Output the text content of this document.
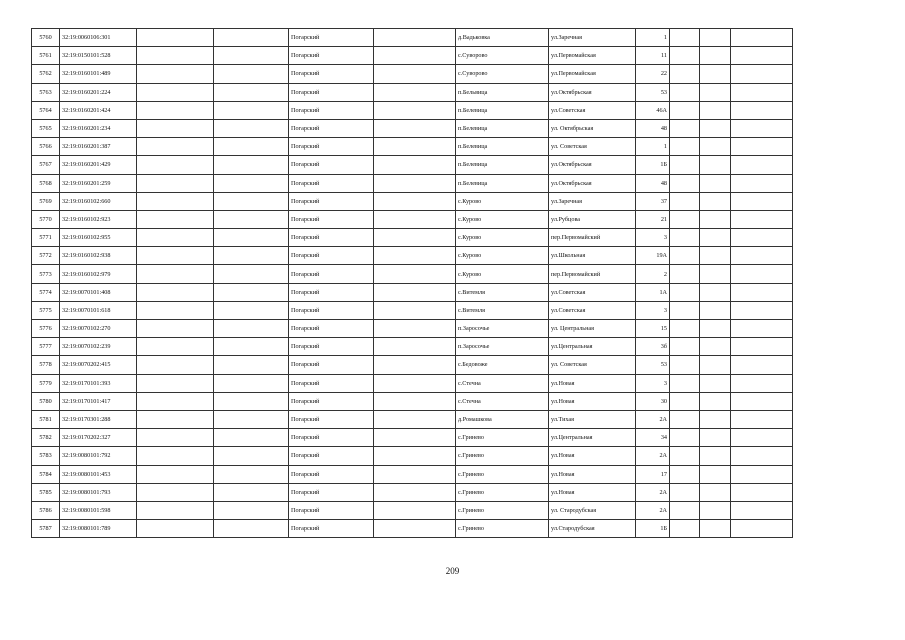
5760	32:19:0060106:301			Погарский		д.Вадьковка	ул.Заречная	1			
5761	32:19:0150101:528			Погарский		с.Суворово	ул.Первомайская	11			
5762	32:19:0160101:489			Погарский		с.Суворово	ул.Первомайская	22			
5763	32:19:0160201:224			Погарский		п.Бельвица	ул.Октябрьская	53			
5764	32:19:0160201:424			Погарский		п.Белевица	ул.Советская	46А			
5765	32:19:0160201:234			Погарский		п.Белевица	ул. Октябрьская	48			
5766	32:19:0160201:387			Погарский		п.Белевица	ул. Советская	1			
5767	32:19:0160201:429			Погарский		п.Белевица	ул.Октябрьская	1Б			
5768	32:19:0160201:259			Погарский		п.Белевица	ул.Октябрьская	48			
5769	32:19:0160102:660			Погарский		с.Курово	ул.Заречная	37			
5770	32:19:0160102:923			Погарский		с.Курово	ул.Рубцова	21			
5771	32:19:0160102:955			Погарский		с.Курово	пер.Первомайский	3			
5772	32:19:0160102:938			Погарский		с.Курово	ул.Школьная	19А			
5773	32:19:0160102:979			Погарский		с.Курово	пер.Первомайский	2			
5774	32:19:0070101:408			Погарский		с.Витемля	ул.Советская	1А			
5775	32:19:0070101:618			Погарский		с.Витемля	ул.Советская	3			
5776	32:19:0070102:270			Погарский		п.Заросочье	ул. Центральная	15			
5777	32:19:0070102:239			Погарский		п.Заросочье	ул.Центральная	3б			
5778	32:19:0070202:415			Погарский		с.Бедовоже	ул. Советская	53			
5779	32:19:0170101:393			Погарский		с.Стечна	ул.Новая	3			
5780	32:19:0170101:417			Погарский		с.Стечна	ул.Новая	30			
5781	32:19:0170301:288			Погарский		д.Ромашкова	ул.Тихая	2А			
5782	32:19:0170202:327			Погарский		с.Гринево	ул.Центральная	34			
5783	32:19:0080101:792			Погарский		с.Гринево	ул.Новая	2А			
5784	32:19:0080101:453			Погарский		с.Гринево	ул.Новая	17			
5785	32:19:0080101:793			Погарский		с.Гринево	ул.Новая	2А			
5786	32:19:0080101:598			Погарский		с.Гринево	ул. Стародубская	2А			
5787	32:19:0080101:789			Погарский		с.Гринево	ул.Стародубская	1Б			
209
